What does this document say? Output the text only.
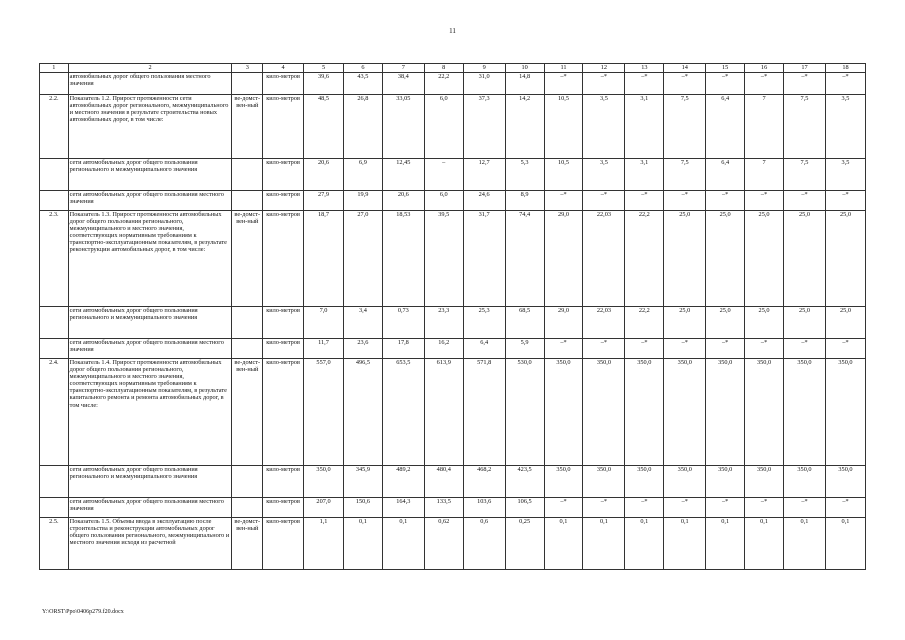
11
1	2	3	4	5	6	7	8	9	10	11	12	13	14	15	16	17	18
	автомобильных дорог общего пользования местного значения		кило-метров	39,6	43,5	38,4	22,2	31,0	14,8	–*	–*	–*	–*	–*	–*	–*	–*
2.2.	Показатель 1.2. Прирост протяженности сети автомобильных дорог регионального, межмуниципального и местного значения в результате строительства новых автомобильных дорог, в том числе:	ве-домст-вен-ный	кило-метров	48,5	26,8	33,05	6,0	37,3	14,2	10,5	3,5	3,1	7,5	6,4	7	7,5	3,5
	сети автомобильных дорог общего пользования регионального и межмуниципального значения		кило-метров	20,6	6,9	12,45	–	12,7	5,3	10,5	3,5	3,1	7,5	6,4	7	7,5	3,5
	сети автомобильных дорог общего пользования местного значения		кило-метров	27,9	19,9	20,6	6,0	24,6	8,9	–*	–*	–*	–*	–*	–*	–*	–*
2.3.	Показатель 1.3. Прирост протяженности автомобильных дорог общего пользования регионального, межмуниципального и местного значения, соответствующих нормативным требованиям к транспортно-эксплуатационным показателям, в результате реконструкции автомобильных дорог, в том числе:	ве-домст-вен-ный	кило-метров	18,7	27,0	18,53	39,5	31,7	74,4	29,0	22,03	22,2	25,0	25,0	25,0	25,0	25,0
	сети автомобильных дорог общего пользования регионального и межмуниципального значения		кило-метров	7,0	3,4	0,73	23,3	25,3	68,5	29,0	22,03	22,2	25,0	25,0	25,0	25,0	25,0
	сети автомобильных дорог общего пользования местного значения		кило-метров	11,7	23,6	17,8	16,2	6,4	5,9	–*	–*	–*	–*	–*	–*	–*	–*
2.4.	Показатель 1.4. Прирост протяженности автомобильных дорог общего пользования регионального, межмуниципального и местного значения, соответствующих нормативным требованиям к транспортно-эксплуатационным показателям, в результате капитального ремонта и ремонта автомобильных дорог, в том числе:	ве-домст-вен-ный	кило-метров	557,0	496,5	653,5	613,9	571,8	530,0	350,0	350,0	350,0	350,0	350,0	350,0	350,0	350,0
	сети автомобильных дорог общего пользования регионального и межмуниципального значения		кило-метров	350,0	345,9	489,2	480,4	468,2	423,5	350,0	350,0	350,0	350,0	350,0	350,0	350,0	350,0
	сети автомобильных дорог общего пользования местного значения		кило-метров	207,0	150,6	164,3	133,5	103,6	106,5	–*	–*	–*	–*	–*	–*	–*	–*
2.5.	Показатель 1.5. Объемы ввода в эксплуатацию после строительства и реконструкции автомобильных дорог общего пользования регионального, межмуниципального и местного значения исходя из расчетной	ве-домст-вен-ный	кило-метров	1,1	0,1	0,1	0,62	0,6	0,25	0,1	0,1	0,1	0,1	0,1	0,1	0,1	0,1
Y:\ORST\Ppo\0406p279.f20.docx
